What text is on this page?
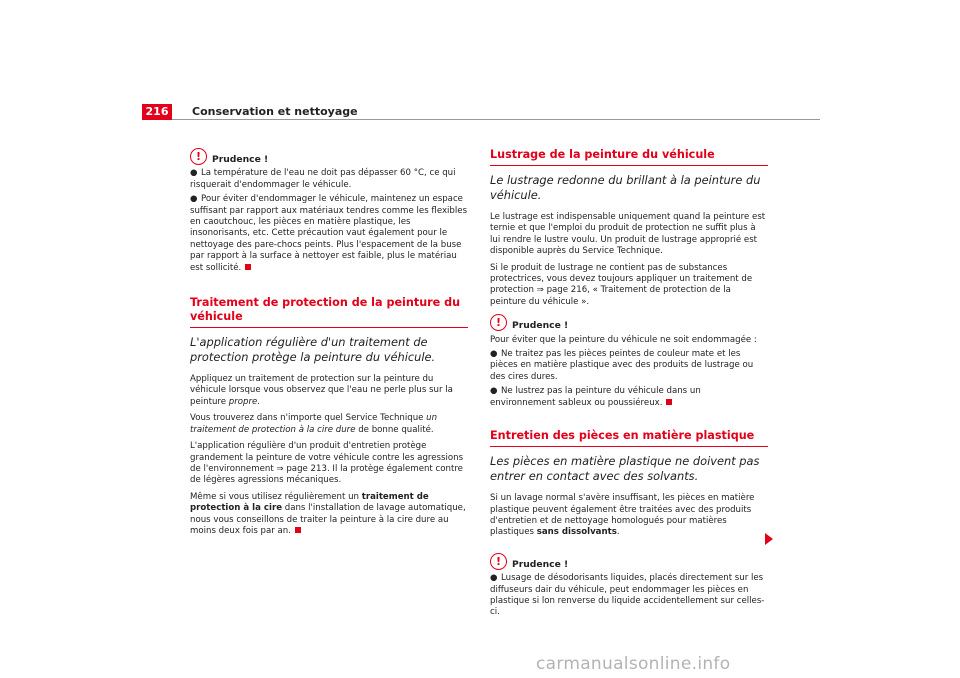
216	Conservation et nettoyage
!	Prudence !

● La température de l'eau ne doit pas dépasser 60 °C, ce qui risquerait d'endommager le véhicule.

● Pour éviter d'endommager le véhicule, maintenez un espace suffisant par rapport aux matériaux tendres comme les flexibles en caoutchouc, les pièces en matière plastique, les insonorisants, etc. Cette précaution vaut également pour le nettoyage des pare-chocs peints. Plus l'espacement de la buse par rapport à la surface à nettoyer est faible, plus le matériau est sollicité.

Traitement de protection de la peinture du véhicule
L'application régulière d'un traitement de protection protège la peinture du véhicule.

Appliquez un traitement de protection sur la peinture du véhicule lorsque vous observez que l'eau ne perle plus sur la peinture propre.

Vous trouverez dans n'importe quel Service Technique un traitement de protection à la cire dure de bonne qualité.

L'application régulière d'un produit d'entretien protège grandement la peinture de votre véhicule contre les agressions de l'environnement ⇒ page 213. Il la protège également contre de légères agressions mécaniques.

Même si vous utilisez régulièrement un traitement de protection à la cire dans l'installation de lavage automatique, nous vous conseillons de traiter la peinture à la cire dure au moins deux fois par an.

Lustrage de la peinture du véhicule
Le lustrage redonne du brillant à la peinture du véhicule.

Le lustrage est indispensable uniquement quand la peinture est ternie et que l'emploi du produit de protection ne suffit plus à lui rendre le lustre voulu. Un produit de lustrage approprié est disponible auprès du Service Technique.

Si le produit de lustrage ne contient pas de substances protectrices, vous devez toujours appliquer un traitement de protection ⇒ page 216, « Traitement de protection de la peinture du véhicule ».

!	Prudence !

Pour éviter que la peinture du véhicule ne soit endommagée :

● Ne traitez pas les pièces peintes de couleur mate et les pièces en matière plastique avec des produits de lustrage ou des cires dures.

● Ne lustrez pas la peinture du véhicule dans un environnement sableux ou poussiéreux.

Entretien des pièces en matière plastique
Les pièces en matière plastique ne doivent pas entrer en contact avec des solvants.

Si un lavage normal s'avère insuffisant, les pièces en matière plastique peuvent également être traitées avec des produits d'entretien et de nettoyage homologués pour matières plastiques sans dissolvants.

!	Prudence !

● Lusage de désodorisants liquides, placés directement sur les diffuseurs dair du véhicule, peut endommager les pièces en plastique si lon renverse du liquide accidentellement sur celles-ci.

carmanualsonline.info
